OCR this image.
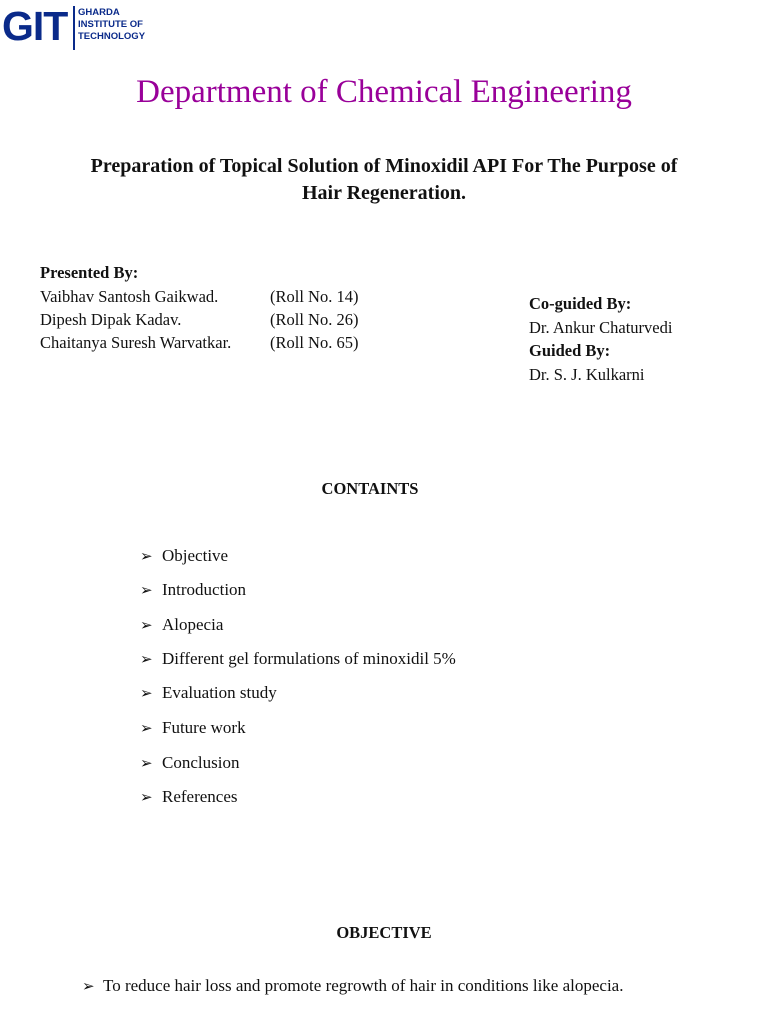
GIT GHARDA
INSTITUTE OF
TECHNOLOGY
Department of Chemical Engineering
Preparation of Topical Solution of Minoxidil API For The Purpose of Hair Regeneration.
Presented By:
Vaibhav Santosh Gaikwad.	(Roll No. 14)
Dipesh Dipak Kadav.	(Roll No. 26)
Chaitanya Suresh Warvatkar. (Roll No. 65)
Co-guided By:
Dr. Ankur Chaturvedi
Guided By:
Dr. S. J. Kulkarni
CONTAINTS
➢ Objective
➢ Introduction
➢ Alopecia
➢ Different gel formulations of minoxidil 5%
➢ Evaluation study
➢ Future work
➢ Conclusion
➢ References
OBJECTIVE
➢ To reduce hair loss and promote regrowth of hair in conditions like alopecia.
